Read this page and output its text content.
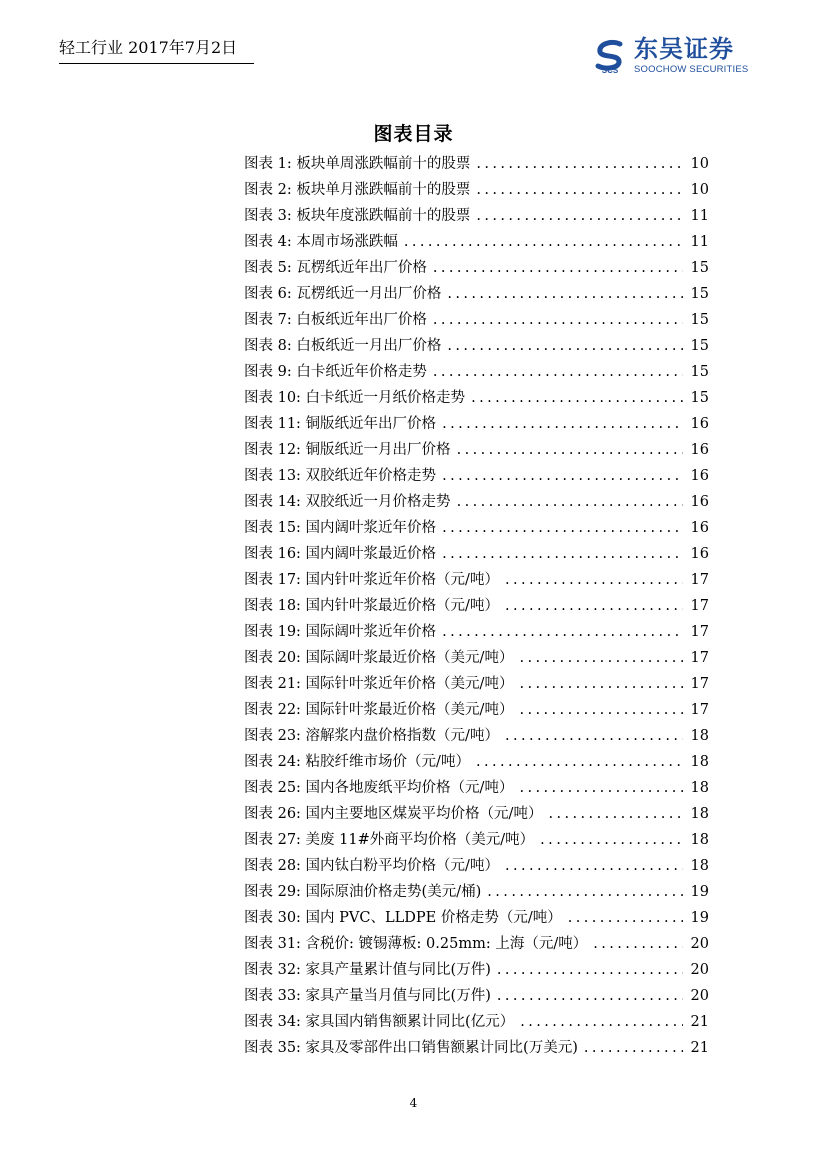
轻工行业 2017年7月2日
SCS
东吴证券
SOOCHOW SECURITIES
图表目录
图表 1: 板块单周涨跌幅前十的股票 . . .	10
图表 2: 板块单月涨跌幅前十的股票 . . .	10
图表 3: 板块年度涨跌幅前十的股票 . . .	11
图表 4: 本周市场涨跌幅 . . .	11
图表 5: 瓦楞纸近年出厂价格 . . .	15
图表 6: 瓦楞纸近一月出厂价格 . . .	15
图表 7: 白板纸近年出厂价格 . . .	15
图表 8: 白板纸近一月出厂价格 . . .	15
图表 9: 白卡纸近年价格走势 . . .	15
图表 10: 白卡纸近一月纸价格走势 . . .	15
图表 11: 铜版纸近年出厂价格 . . .	16
图表 12: 铜版纸近一月出厂价格 . . .	16
图表 13: 双胶纸近年价格走势 . . .	16
图表 14: 双胶纸近一月价格走势 . . .	16
图表 15: 国内阔叶浆近年价格 . . .	16
图表 16: 国内阔叶浆最近价格 . . .	16
图表 17: 国内针叶浆近年价格（元/吨） . . .	17
图表 18: 国内针叶浆最近价格（元/吨） . . .	17
图表 19: 国际阔叶浆近年价格 . . .	17
图表 20: 国际阔叶浆最近价格（美元/吨） . . .	17
图表 21: 国际针叶浆近年价格（美元/吨） . . .	17
图表 22: 国际针叶浆最近价格（美元/吨） . . .	17
图表 23: 溶解浆内盘价格指数（元/吨） . . .	18
图表 24: 粘胶纤维市场价（元/吨） . . .	18
图表 25: 国内各地废纸平均价格（元/吨） . . .	18
图表 26: 国内主要地区煤炭平均价格（元/吨） . . .	18
图表 27: 美废 11#外商平均价格（美元/吨） . . .	18
图表 28: 国内钛白粉平均价格（元/吨） . . .	18
图表 29: 国际原油价格走势(美元/桶) . . .	19
图表 30: 国内 PVC、LLDPE 价格走势（元/吨） . . .	19
图表 31: 含税价: 镀锡薄板: 0.25mm: 上海（元/吨） . . .	20
图表 32: 家具产量累计值与同比(万件) . . .	20
图表 33: 家具产量当月值与同比(万件) . . .	20
图表 34: 家具国内销售额累计同比(亿元） . . .	21
图表 35: 家具及零部件出口销售额累计同比(万美元) . . .	21
4
